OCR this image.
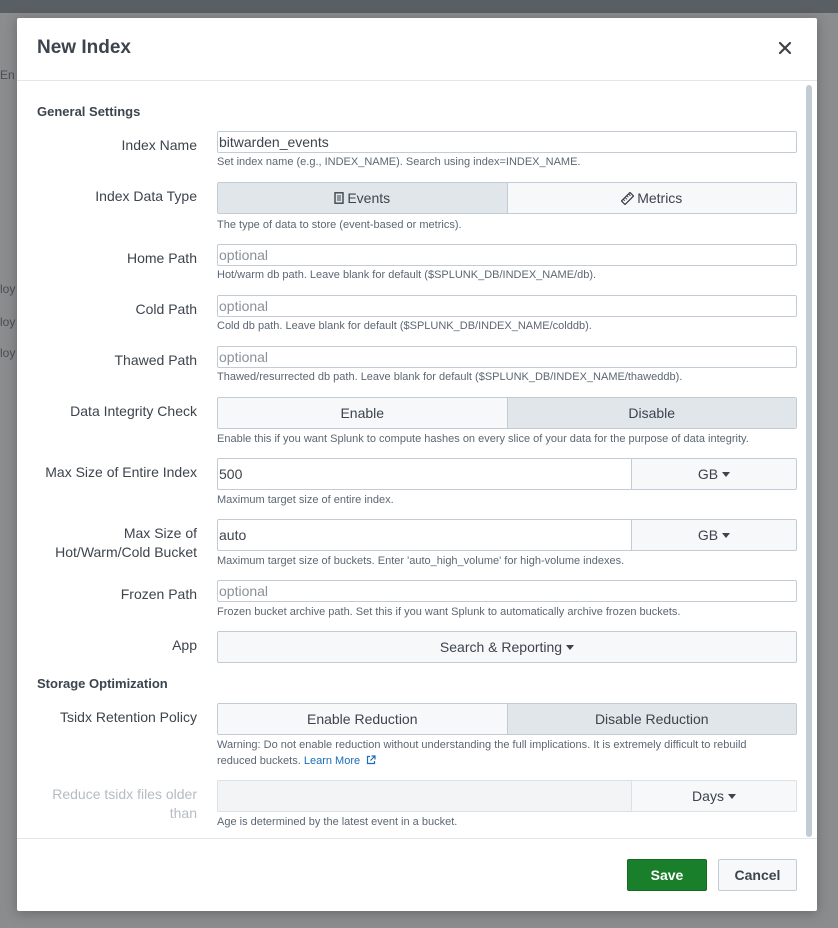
En
loy
loy
loy
New Index
General Settings
Index Name bitwarden_events
Set index name (e.g., INDEX_NAME). Search using index=INDEX_NAME.
Index Data Type	Events	Metrics
The type of data to store (event-based or metrics).
Home Path optional
Hot/warm db path. Leave blank for default ($SPLUNK_DB/INDEX_NAME/db).
Cold Path optional
Cold db path. Leave blank for default ($SPLUNK_DB/INDEX_NAME/colddb).
Thawed Path optional
Thawed/resurrected db path. Leave blank for default ($SPLUNK_DB/INDEX_NAME/thaweddb).
Data Integrity Check	Enable	Disable
Enable this if you want Splunk to compute hashes on every slice of your data for the purpose of data integrity.
Max Size of Entire Index 500	GB
Maximum target size of entire index.
Max Size of
Hot/Warm/Cold Bucket
auto	GB
Maximum target size of buckets. Enter 'auto_high_volume' for high-volume indexes.
Frozen Path optional
Frozen bucket archive path. Set this if you want Splunk to automatically archive frozen buckets.
App	Search & Reporting
Storage Optimization
Tsidx Retention Policy	Enable Reduction	Disable Reduction
Warning: Do not enable reduction without understanding the full implications. It is extremely difficult to rebuild
reduced buckets. Learn More
Reduce tsidx files older
than
Days
Age is determined by the latest event in a bucket.
Save	Cancel
